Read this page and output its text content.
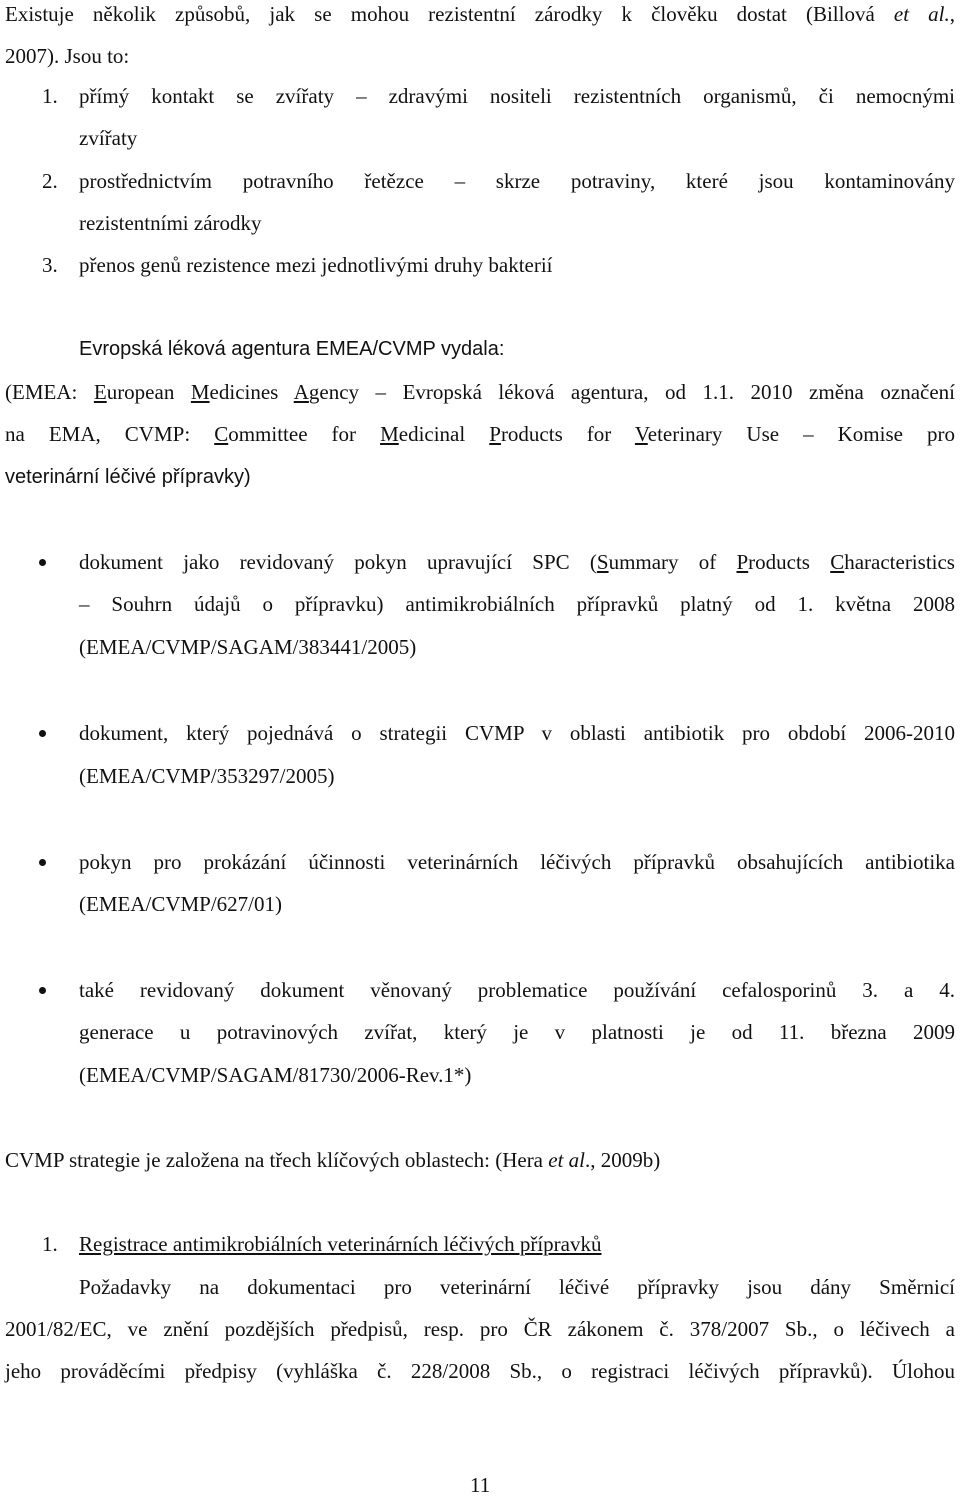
Existuje několik způsobů, jak se mohou rezistentní zárodky k člověku dostat (Billová et al.,
2007). Jsou to:
1. přímý kontakt se zvířaty – zdravými nositeli rezistentních organismů, či nemocnými
zvířaty
2. prostřednictvím potravního řetězce – skrze potraviny, které jsou kontaminovány
rezistentními zárodky
3. přenos genů rezistence mezi jednotlivými druhy bakterií
Evropská léková agentura EMEA/CVMP vydala:
(EMEA: European Medicines Agency – Evropská léková agentura, od 1.1. 2010 změna označení
na EMA, CVMP: Committee for Medicinal Products for Veterinary Use – Komise pro
veterinární léčivé přípravky)
dokument jako revidovaný pokyn upravující SPC (Summary of Products Characteristics
– Souhrn údajů o přípravku) antimikrobiálních přípravků platný od 1. května 2008
(EMEA/CVMP/SAGAM/383441/2005)
dokument, který pojednává o strategii CVMP v oblasti antibiotik pro období 2006-2010
(EMEA/CVMP/353297/2005)
pokyn pro prokázání účinnosti veterinárních léčivých přípravků obsahujících antibiotika
(EMEA/CVMP/627/01)
také revidovaný dokument věnovaný problematice používání cefalosporinů 3. a 4.
generace u potravinových zvířat, který je v platnosti je od 11. března 2009
(EMEA/CVMP/SAGAM/81730/2006-Rev.1*)
CVMP strategie je založena na třech klíčových oblastech: (Hera et al., 2009b)
1. Registrace antimikrobiálních veterinárních léčivých přípravků
Požadavky na dokumentaci pro veterinární léčivé přípravky jsou dány Směrnicí
2001/82/EC, ve znění pozdějších předpisů, resp. pro ČR zákonem č. 378/2007 Sb., o léčivech a
jeho prováděcími předpisy (vyhláška č. 228/2008 Sb., o registraci léčivých přípravků). Úlohou
11
